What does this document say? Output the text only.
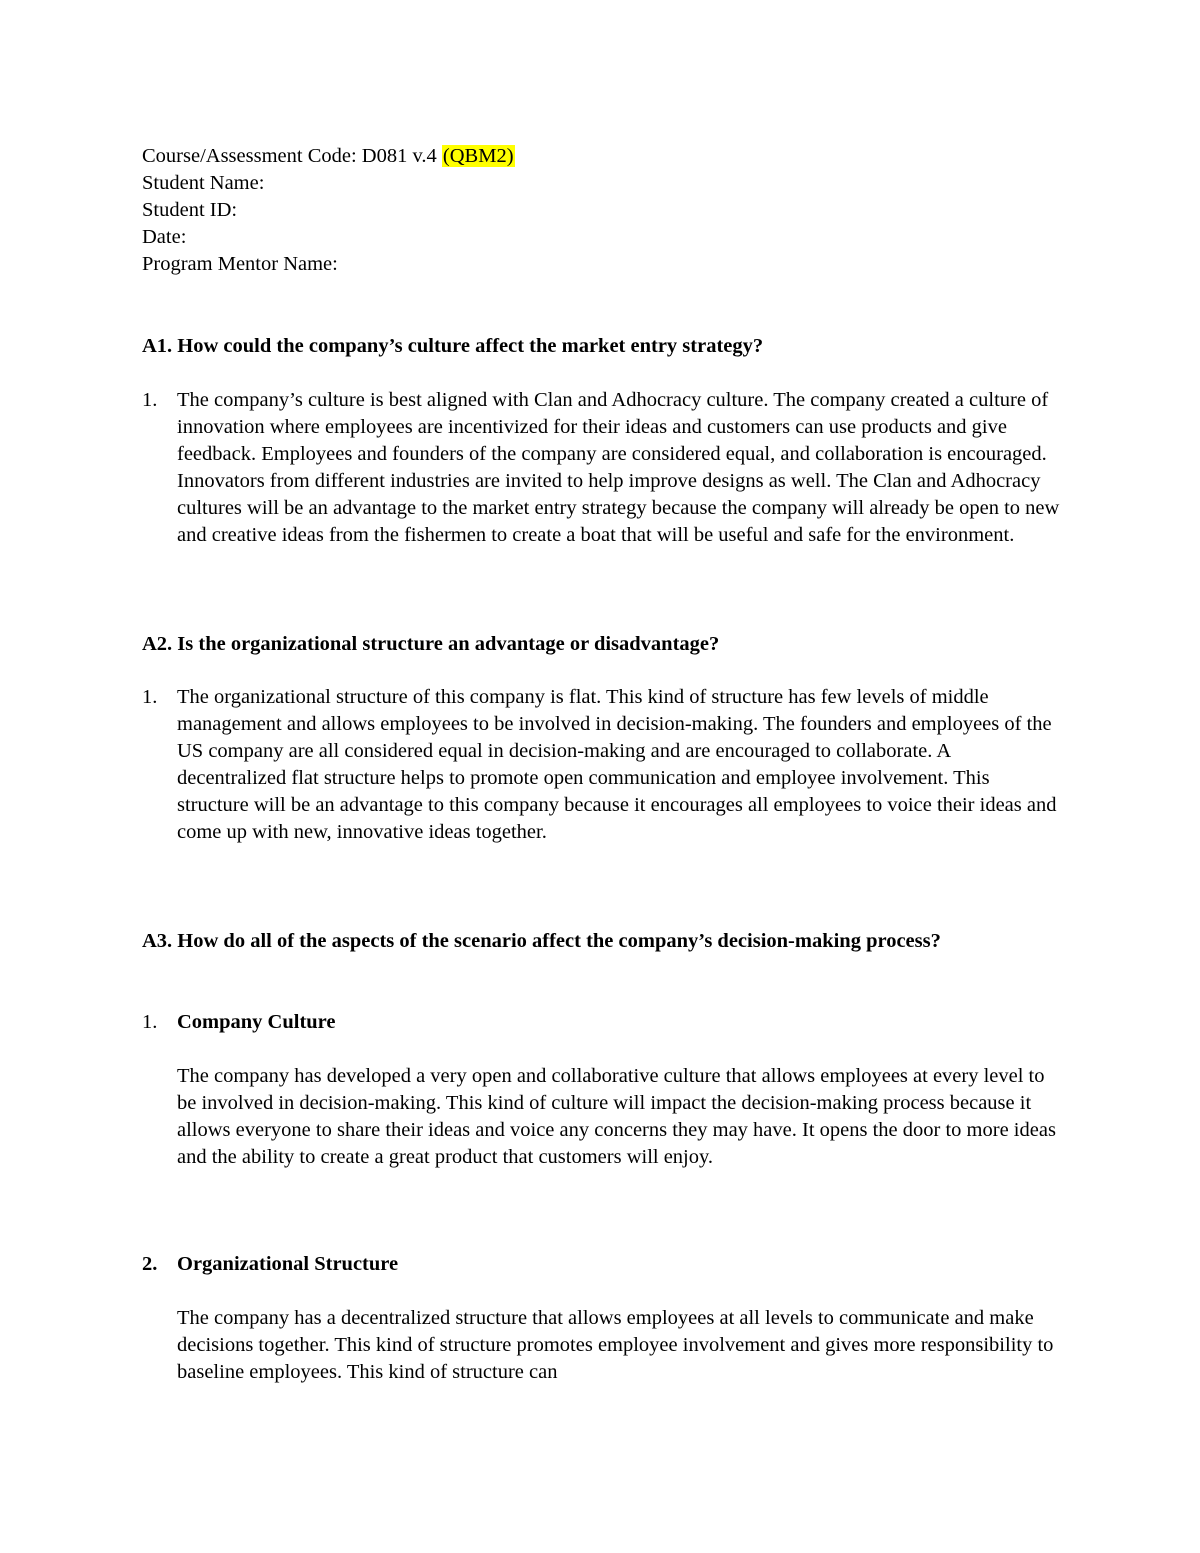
Course/Assessment Code: D081 v.4 (QBM2)
Student Name:
Student ID:
Date:
Program Mentor Name:
A1. How could the company’s culture affect the market entry strategy?
1. The company’s culture is best aligned with Clan and Adhocracy culture. The company created a culture of innovation where employees are incentivized for their ideas and customers can use products and give feedback. Employees and founders of the company are considered equal, and collaboration is encouraged. Innovators from different industries are invited to help improve designs as well. The Clan and Adhocracy cultures will be an advantage to the market entry strategy because the company will already be open to new and creative ideas from the fishermen to create a boat that will be useful and safe for the environment.

A2. Is the organizational structure an advantage or disadvantage?
1. The organizational structure of this company is flat. This kind of structure has few levels of middle management and allows employees to be involved in decision-making. The founders and employees of the US company are all considered equal in decision-making and are encouraged to collaborate. A decentralized flat structure helps to promote open communication and employee involvement. This structure will be an advantage to this company because it encourages all employees to voice their ideas and come up with new, innovative ideas together.

A3. How do all of the aspects of the scenario affect the company’s decision-making process?
1. Company Culture

The company has developed a very open and collaborative culture that allows employees at every level to be involved in decision-making. This kind of culture will impact the decision-making process because it allows everyone to share their ideas and voice any concerns they may have. It opens the door to more ideas and the ability to create a great product that customers will enjoy.

2. Organizational Structure

The company has a decentralized structure that allows employees at all levels to communicate and make decisions together. This kind of structure promotes employee involvement and gives more responsibility to baseline employees. This kind of structure can
